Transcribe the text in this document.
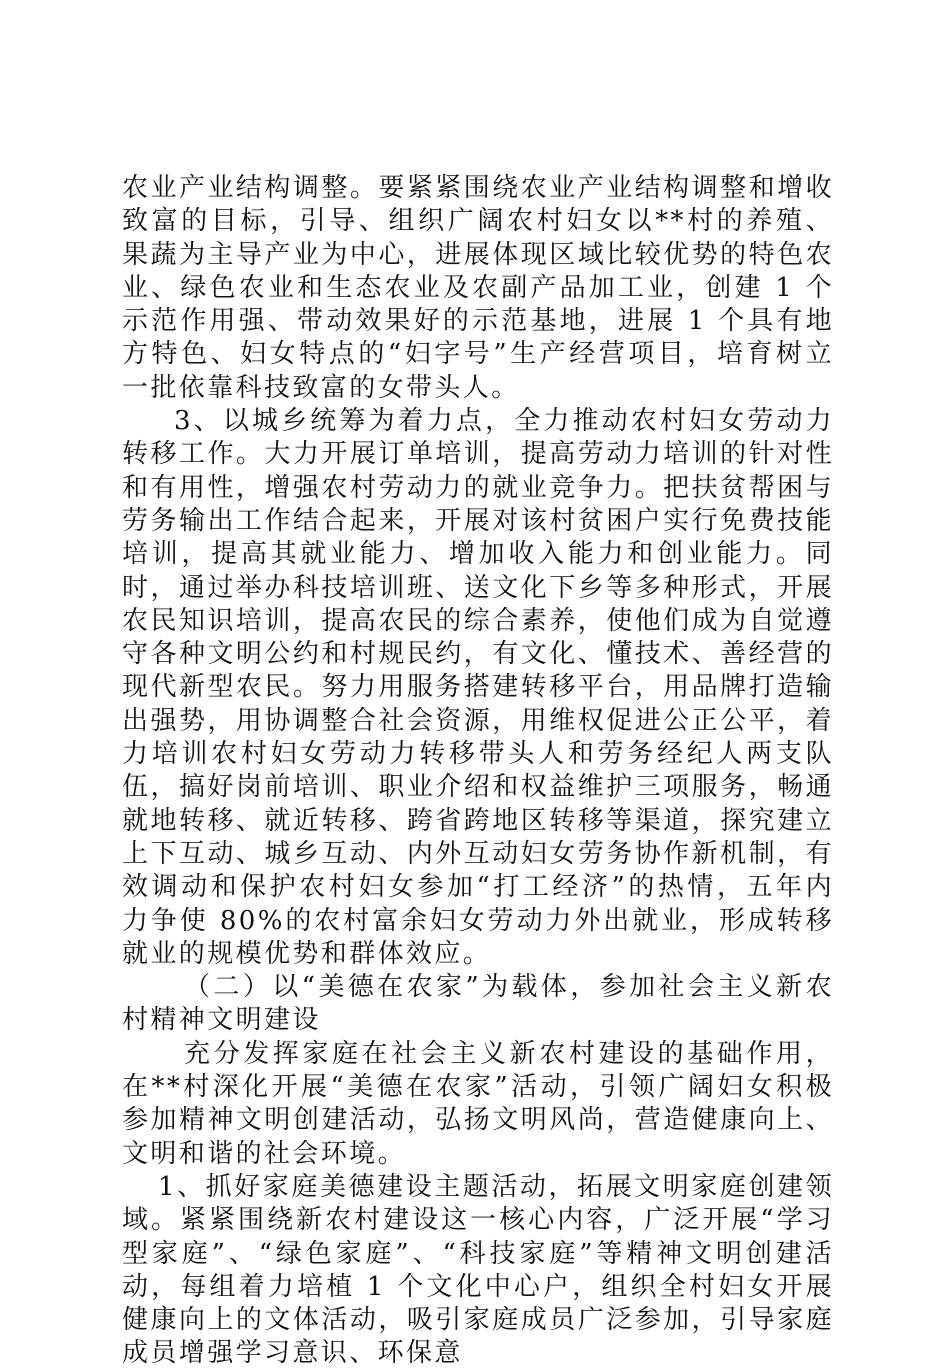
农业产业结构调整。要紧紧围绕农业产业结构调整和增收致富的目标，引导、组织广阔农村妇女以**村的养殖、果蔬为主导产业为中心，进展体现区域比较优势的特色农业、绿色农业和生态农业及农副产品加工业，创建 1 个示范作用强、带动效果好的示范基地，进展 1 个具有地方特色、妇女特点的“妇字号”生产经营项目，培育树立一批依靠科技致富的女带头人。

3、以城乡统筹为着力点，全力推动农村妇女劳动力转移工作。大力开展订单培训，提高劳动力培训的针对性和有用性，增强农村劳动力的就业竞争力。把扶贫帮困与劳务输出工作结合起来，开展对该村贫困户实行免费技能培训，提高其就业能力、增加收入能力和创业能力。同时，通过举办科技培训班、送文化下乡等多种形式，开展农民知识培训，提高农民的综合素养，使他们成为自觉遵守各种文明公约和村规民约，有文化、懂技术、善经营的现代新型农民。努力用服务搭建转移平台，用品牌打造输出强势，用协调整合社会资源，用维权促进公正公平，着力培训农村妇女劳动力转移带头人和劳务经纪人两支队伍，搞好岗前培训、职业介绍和权益维护三项服务，畅通就地转移、就近转移、跨省跨地区转移等渠道，探究建立上下互动、城乡互动、内外互动妇女劳务协作新机制，有效调动和保护农村妇女参加“打工经济”的热情，五年内力争使 80%的农村富余妇女劳动力外出就业，形成转移就业的规模优势和群体效应。

（二）以“美德在农家”为载体，参加社会主义新农村精神文明建设

充分发挥家庭在社会主义新农村建设的基础作用，在**村深化开展“美德在农家”活动，引领广阔妇女积极参加精神文明创建活动，弘扬文明风尚，营造健康向上、文明和谐的社会环境。

1、抓好家庭美德建设主题活动，拓展文明家庭创建领域。紧紧围绕新农村建设这一核心内容，广泛开展“学习型家庭”、“绿色家庭”、“科技家庭”等精神文明创建活动，每组着力培植 1 个文化中心户，组织全村妇女开展健康向上的文体活动，吸引家庭成员广泛参加，引导家庭成员增强学习意识、环保意
